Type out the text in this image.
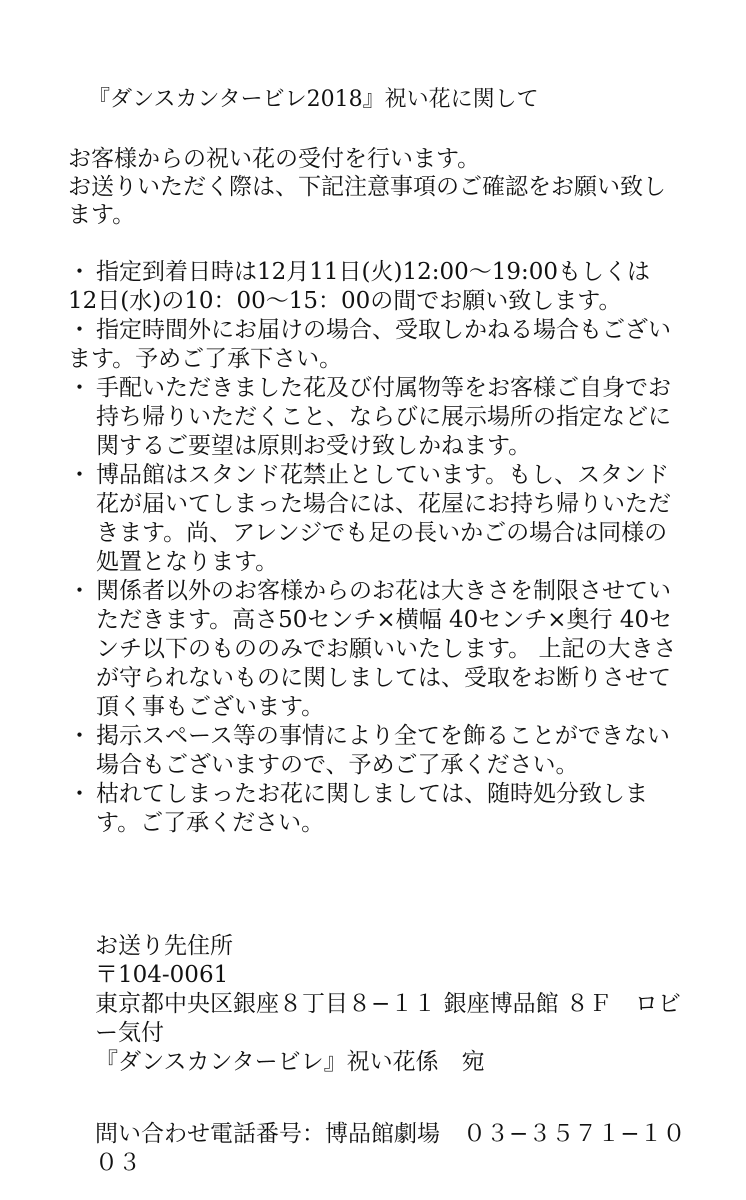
『ダンスカンタービレ2018』祝い花に関して

お客様からの祝い花の受付を行います。

お送りいただく際は、下記注意事項のご確認をお願い致します。

・ 指定到着日時は12月11日(火)12:00〜19:00もしくは12日(水)の10：00〜15：00の間でお願い致します。

・ 指定時間外にお届けの場合、受取しかねる場合もございます。予めご了承下さい。

・ 手配いただきました花及び付属物等をお客様ご自身でお持ち帰りいただくこと、ならびに展示場所の指定などに関するご要望は原則お受け致しかねます。

・ 博品館はスタンド花禁止としています。もし、スタンド花が届いてしまった場合には、花屋にお持ち帰りいただきます。尚、アレンジでも足の長いかごの場合は同様の処置となります。

・ 関係者以外のお客様からのお花は大きさを制限させていただきます。高さ50センチ×横幅 40センチ×奥行 40センチ以下のもののみでお願いいたします。 上記の大きさが守られないものに関しましては、受取をお断りさせて頂く事もございます。

・ 掲示スペース等の事情により全てを飾ることができない場合もございますので、予めご了承ください。

・ 枯れてしまったお花に関しましては、随時処分致します。ご了承ください。

お送り先住所

〒104-0061

東京都中央区銀座８丁目８−１１ 銀座博品館 ８Ｆ　ロビー気付

『ダンスカンタービレ』祝い花係　宛

問い合わせ電話番号：博品館劇場　０３−３５７１−１００３
